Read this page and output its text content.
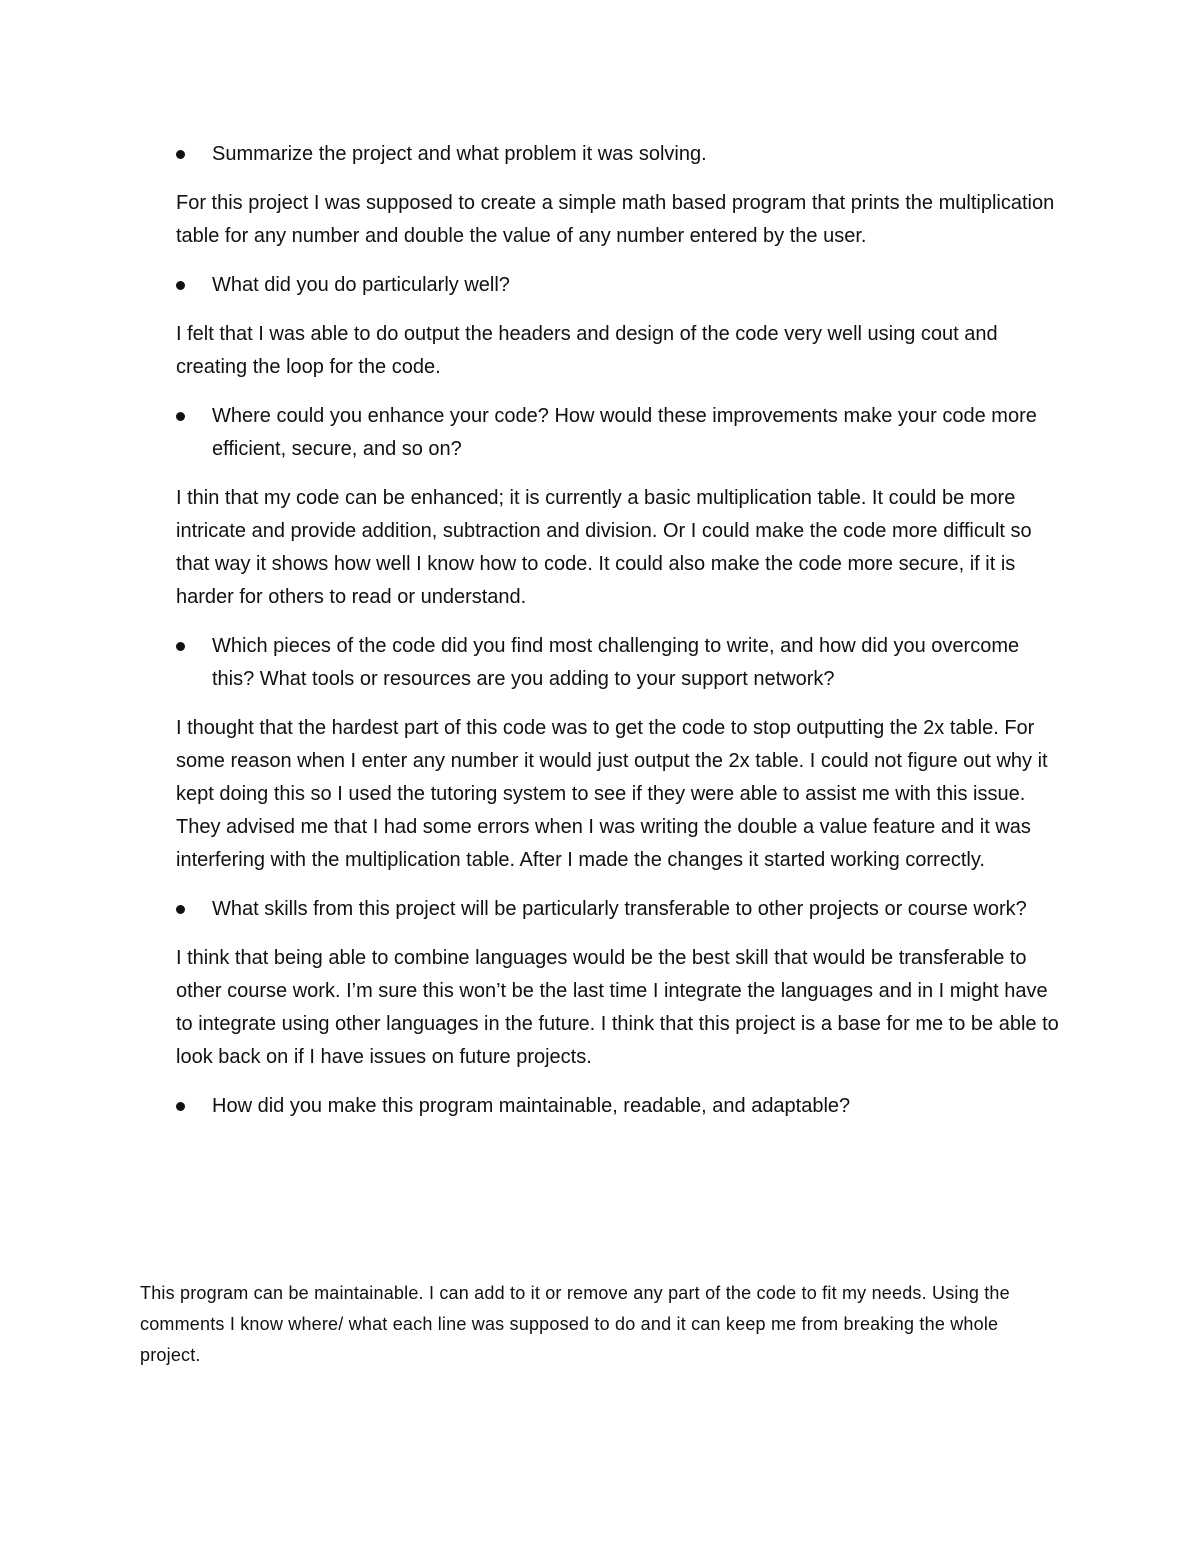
Summarize the project and what problem it was solving.

For this project I was supposed to create a simple math based program that prints the multiplication table for any number and double the value of any number entered by the user.

What did you do particularly well?

I felt that I was able to do output the headers and design of the code very well using cout and creating the loop for the code.

Where could you enhance your code? How would these improvements make your code more efficient, secure, and so on?

I thin that my code can be enhanced; it is currently a basic multiplication table. It could be more intricate and provide addition, subtraction and division. Or I could make the code more difficult so that way it shows how well I know how to code. It could also make the code more secure, if it is harder for others to read or understand.

Which pieces of the code did you find most challenging to write, and how did you overcome this? What tools or resources are you adding to your support network?

I thought that the hardest part of this code was to get the code to stop outputting the 2x table. For some reason when I enter any number it would just output the 2x table. I could not figure out why it kept doing this so I used the tutoring system to see if they were able to assist me with this issue. They advised me that I had some errors when I was writing the double a value feature and it was interfering with the multiplication table. After I made the changes it started working correctly.

What skills from this project will be particularly transferable to other projects or course work?

I think that being able to combine languages would be the best skill that would be transferable to other course work. I’m sure this won’t be the last time I integrate the languages and in I might have to integrate using other languages in the future. I think that this project is a base for me to be able to look back on if I have issues on future projects.

How did you make this program maintainable, readable, and adaptable?

This program can be maintainable. I can add to it or remove any part of the code to fit my needs. Using the comments I know where/ what each line was supposed to do and it can keep me from breaking the whole project.
